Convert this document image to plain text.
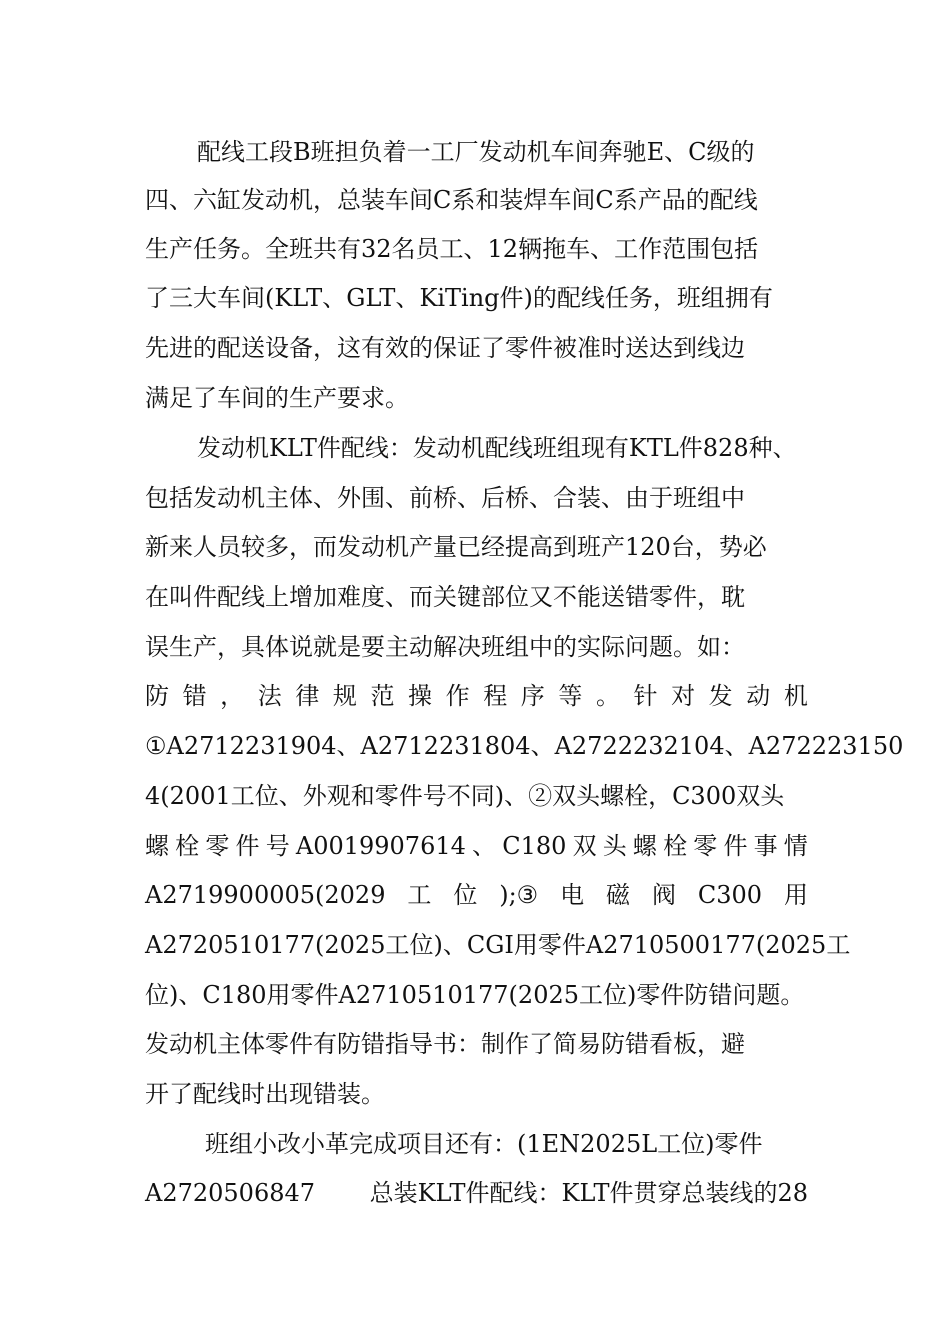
配线工段B班担负着一工厂发动机车间奔驰E、C级的
四、六缸发动机，总装车间C系和装焊车间C系产品的配线
生产任务。全班共有32名员工、12辆拖车、工作范围包括
了三大车间(KLT、GLT、KiTing件)的配线任务，班组拥有
先进的配送设备，这有效的保证了零件被准时送达到线边
满足了车间的生产要求。
发动机KLT件配线：发动机配线班组现有KTL件828种、
包括发动机主体、外围、前桥、后桥、合装、由于班组中
新来人员较多，而发动机产量已经提高到班产120台，势必
在叫件配线上增加难度、而关键部位又不能送错零件，耽
误生产，具体说就是要主动解决班组中的实际问题。如：
防 错 ， 法 律 规 范 操 作 程 序 等 。 针 对 发 动 机
①A2712231904、A2712231804、A2722232104、A272223150
4(2001工位、外观和零件号不同)、②双头螺栓，C300双头
螺 栓 零 件 号 A0019907614 、 C180 双 头 螺 栓 零 件 事 情
A2719900005(2029 工 位 );③ 电 磁 阀 C300 用
A2720510177(2025工位)、CGI用零件A2710500177(2025工
位)、C180用零件A2710510177(2025工位)零件防错问题。
发动机主体零件有防错指导书：制作了简易防错看板，避
开了配线时出现错装。
班组小改小革完成项目还有：(1EN2025L工位)零件
A2720506847 总装KLT件配线：KLT件贯穿总装线的28
